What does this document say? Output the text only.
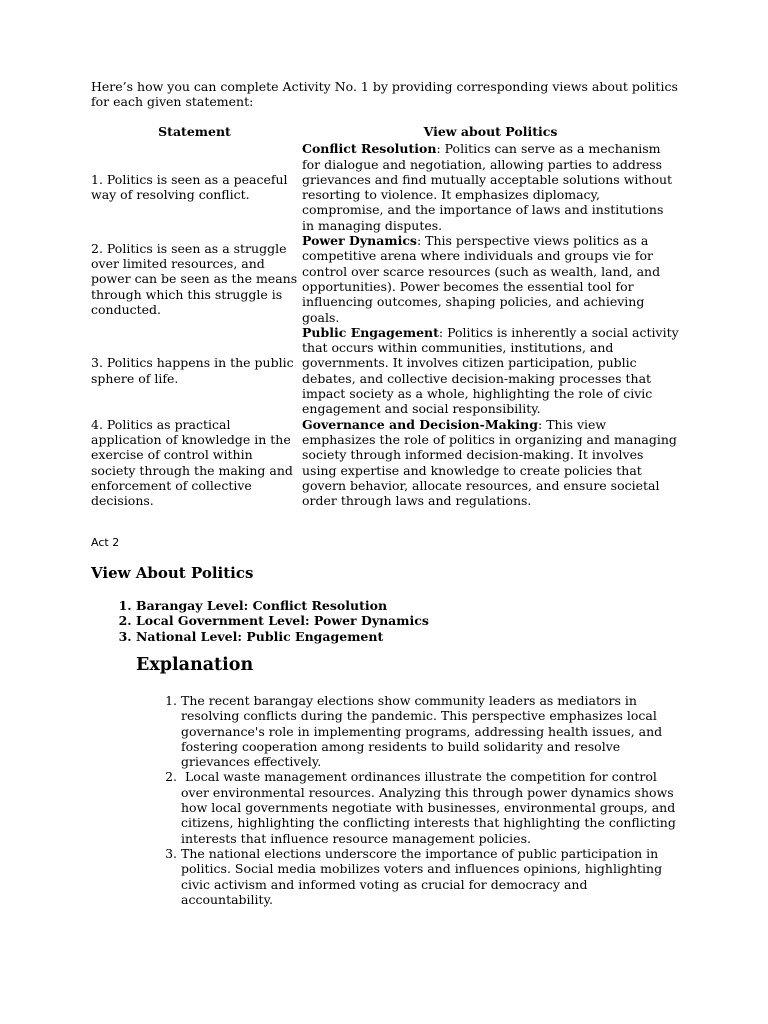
Here’s how you can complete Activity No. 1 by providing corresponding views about politics for each given statement:

Statement	View about Politics
1. Politics is seen as a peaceful way of resolving conflict.	Conflict Resolution: Politics can serve as a mechanism for dialogue and negotiation, allowing parties to address grievances and find mutually acceptable solutions without resorting to violence. It emphasizes diplomacy, compromise, and the importance of laws and institutions in managing disputes.
2. Politics is seen as a struggle over limited resources, and power can be seen as the means through which this struggle is conducted.	Power Dynamics: This perspective views politics as a competitive arena where individuals and groups vie for control over scarce resources (such as wealth, land, and opportunities). Power becomes the essential tool for influencing outcomes, shaping policies, and achieving goals.
3. Politics happens in the public sphere of life.	Public Engagement: Politics is inherently a social activity that occurs within communities, institutions, and governments. It involves citizen participation, public debates, and collective decision-making processes that impact society as a whole, highlighting the role of civic engagement and social responsibility.
4. Politics as practical application of knowledge in the exercise of control within society through the making and enforcement of collective decisions.	Governance and Decision-Making: This view emphasizes the role of politics in organizing and managing society through informed decision-making. It involves using expertise and knowledge to create policies that govern behavior, allocate resources, and ensure societal order through laws and regulations.
Act 2
View About Politics
1. Barangay Level: Conflict Resolution
2. Local Government Level: Power Dynamics
3. National Level: Public Engagement
Explanation
1. The recent barangay elections show community leaders as mediators in resolving conflicts during the pandemic. This perspective emphasizes local governance's role in implementing programs, addressing health issues, and fostering cooperation among residents to build solidarity and resolve grievances effectively.
2.  Local waste management ordinances illustrate the competition for control over environmental resources. Analyzing this through power dynamics shows how local governments negotiate with businesses, environmental groups, and citizens, highlighting the conflicting interests that highlighting the conflicting interests that influence resource management policies.
3. The national elections underscore the importance of public participation in politics. Social media mobilizes voters and influences opinions, highlighting civic activism and informed voting as crucial for democracy and accountability.
